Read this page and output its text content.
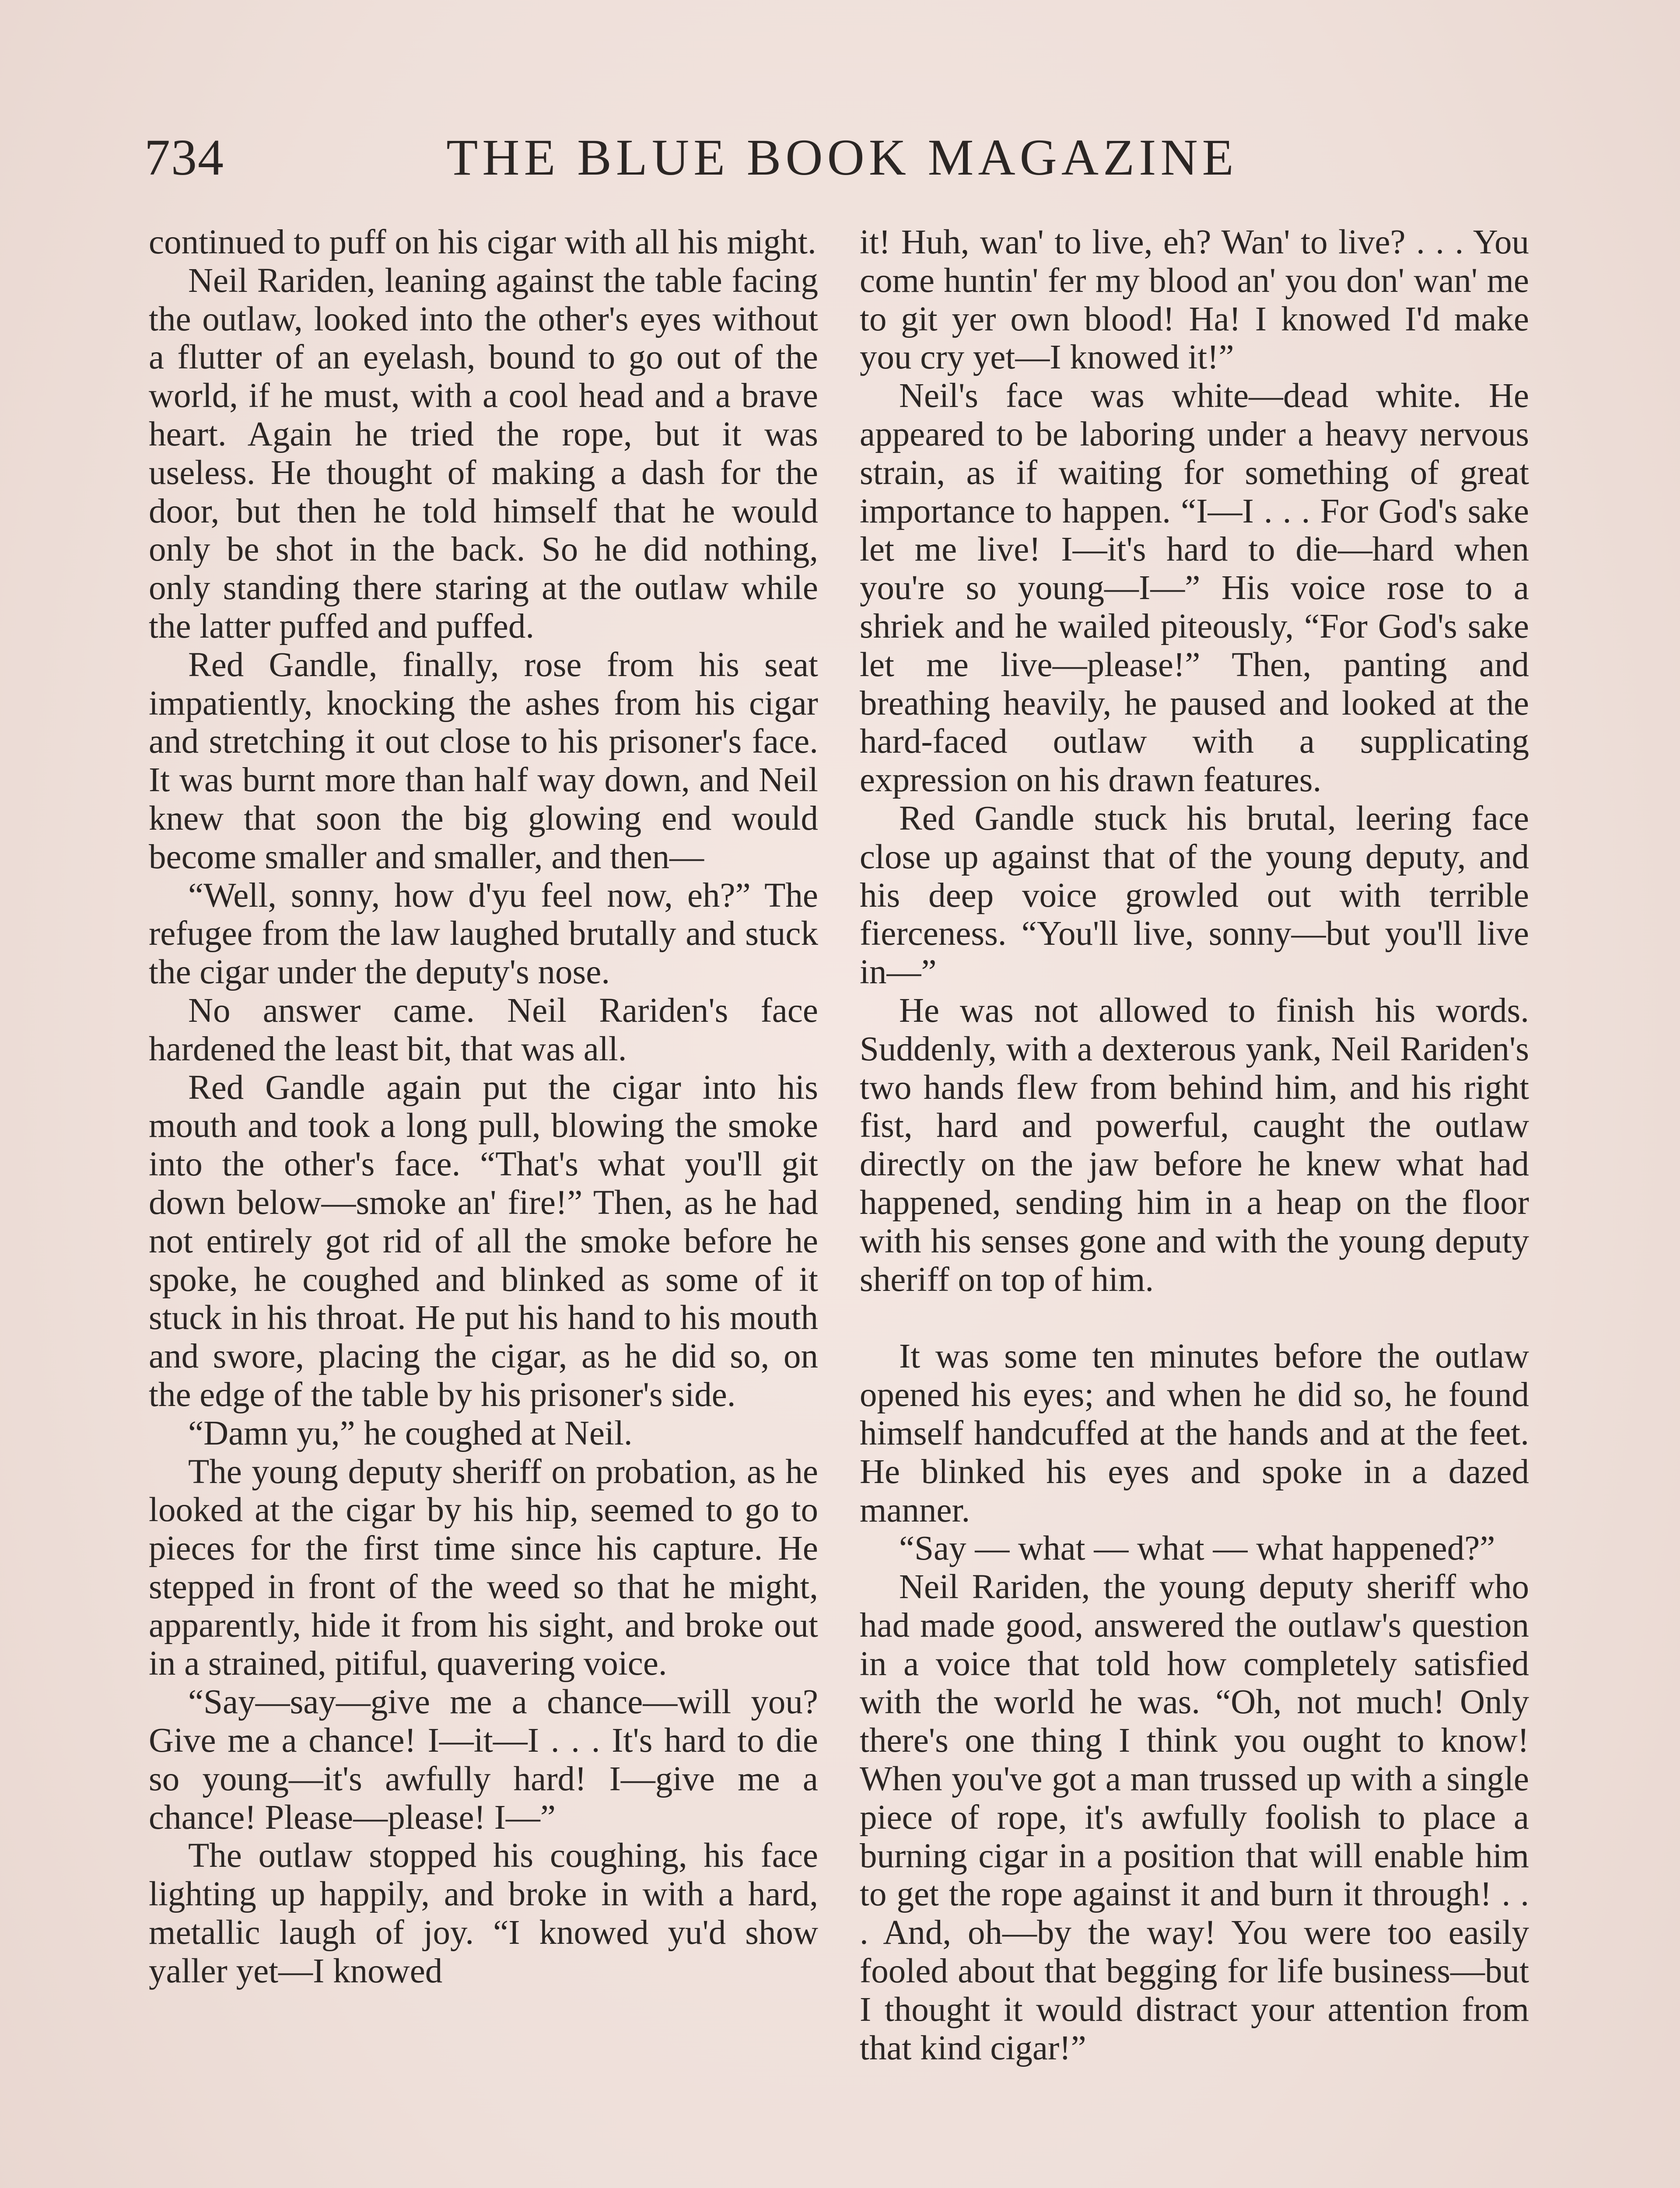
734	THE BLUE BOOK MAGAZINE

continued to puff on his cigar with all his might.

Neil Rariden, leaning against the table facing the outlaw, looked into the other's eyes without a flutter of an eyelash, bound to go out of the world, if he must, with a cool head and a brave heart. Again he tried the rope, but it was useless. He thought of making a dash for the door, but then he told himself that he would only be shot in the back. So he did nothing, only standing there staring at the outlaw while the latter puffed and puffed.

Red Gandle, finally, rose from his seat impatiently, knocking the ashes from his cigar and stretching it out close to his prisoner's face. It was burnt more than half way down, and Neil knew that soon the big glowing end would become smaller and smaller, and then—

“Well, sonny, how d'yu feel now, eh?” The refugee from the law laughed brutally and stuck the cigar under the deputy's nose.

No answer came. Neil Rariden's face hardened the least bit, that was all.

Red Gandle again put the cigar into his mouth and took a long pull, blowing the smoke into the other's face. “That's what you'll git down below—smoke an' fire!” Then, as he had not entirely got rid of all the smoke before he spoke, he coughed and blinked as some of it stuck in his throat. He put his hand to his mouth and swore, placing the cigar, as he did so, on the edge of the table by his prisoner's side.

“Damn yu,” he coughed at Neil.

The young deputy sheriff on probation, as he looked at the cigar by his hip, seemed to go to pieces for the first time since his capture. He stepped in front of the weed so that he might, apparently, hide it from his sight, and broke out in a strained, pitiful, quavering voice.

“Say—say—give me a chance—will you? Give me a chance! I—it—I . . . It's hard to die so young—it's awfully hard! I—give me a chance! Please—please! I—”

The outlaw stopped his coughing, his face lighting up happily, and broke in with a hard, metallic laugh of joy. “I knowed yu'd show yaller yet—I knowed

it! Huh, wan' to live, eh? Wan' to live? . . . You come huntin' fer my blood an' you don' wan' me to git yer own blood! Ha! I knowed I'd make you cry yet—I knowed it!”

Neil's face was white—dead white. He appeared to be laboring under a heavy nervous strain, as if waiting for something of great importance to happen. “I—I . . . For God's sake let me live! I—it's hard to die—hard when you're so young—I—” His voice rose to a shriek and he wailed piteously, “For God's sake let me live—please!” Then, panting and breathing heavily, he paused and looked at the hard-faced outlaw with a supplicating expression on his drawn features.

Red Gandle stuck his brutal, leering face close up against that of the young deputy, and his deep voice growled out with terrible fierceness. “You'll live, sonny—but you'll live in—”

He was not allowed to finish his words. Suddenly, with a dexterous yank, Neil Rariden's two hands flew from behind him, and his right fist, hard and powerful, caught the outlaw directly on the jaw before he knew what had happened, sending him in a heap on the floor with his senses gone and with the young deputy sheriff on top of him.

It was some ten minutes before the outlaw opened his eyes; and when he did so, he found himself handcuffed at the hands and at the feet. He blinked his eyes and spoke in a dazed manner.

“Say — what — what — what happened?”

Neil Rariden, the young deputy sheriff who had made good, answered the outlaw's question in a voice that told how completely satisfied with the world he was. “Oh, not much! Only there's one thing I think you ought to know! When you've got a man trussed up with a single piece of rope, it's awfully foolish to place a burning cigar in a position that will enable him to get the rope against it and burn it through! . . . And, oh—by the way! You were too easily fooled about that begging for life business—but I thought it would distract your attention from that kind cigar!”
